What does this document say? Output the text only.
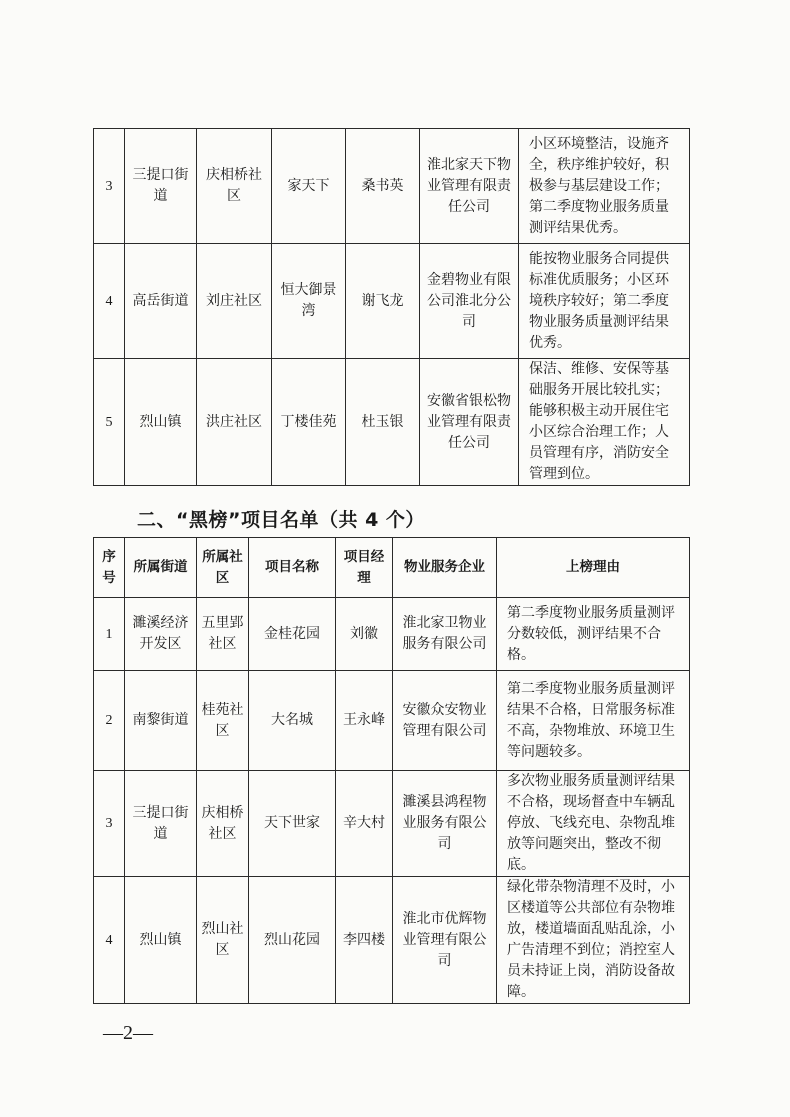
3	三提口街道	庆相桥社区	家天下	桑书英	淮北家天下物业管理有限责任公司	小区环境整洁，设施齐全，秩序维护较好，积极参与基层建设工作；第二季度物业服务质量测评结果优秀。
4	高岳街道	刘庄社区	恒大御景湾	谢飞龙	金碧物业有限公司淮北分公司	能按物业服务合同提供标准优质服务；小区环境秩序较好；第二季度物业服务质量测评结果优秀。
5	烈山镇	洪庄社区	丁楼佳苑	杜玉银	安徽省银松物业管理有限责任公司	保洁、维修、安保等基础服务开展比较扎实；能够积极主动开展住宅小区综合治理工作；人员管理有序，消防安全管理到位。
二、“黑榜”项目名单（共 4 个）
序号	所属街道	所属社区	项目名称	项目经理	物业服务企业	上榜理由
1	濉溪经济开发区	五里郢社区	金桂花园	刘徽	淮北家卫物业服务有限公司	第二季度物业服务质量测评分数较低，测评结果不合格。
2	南黎街道	桂苑社区	大名城	王永峰	安徽众安物业管理有限公司	第二季度物业服务质量测评结果不合格，日常服务标准不高，杂物堆放、环境卫生等问题较多。
3	三提口街道	庆相桥社区	天下世家	辛大村	濉溪县鸿程物业服务有限公司	多次物业服务质量测评结果不合格，现场督查中车辆乱停放、飞线充电、杂物乱堆放等问题突出，整改不彻底。
4	烈山镇	烈山社区	烈山花园	李四楼	淮北市优辉物业管理有限公司	绿化带杂物清理不及时，小区楼道等公共部位有杂物堆放，楼道墙面乱贴乱涂，小广告清理不到位；消控室人员未持证上岗，消防设备故障。
—2—
